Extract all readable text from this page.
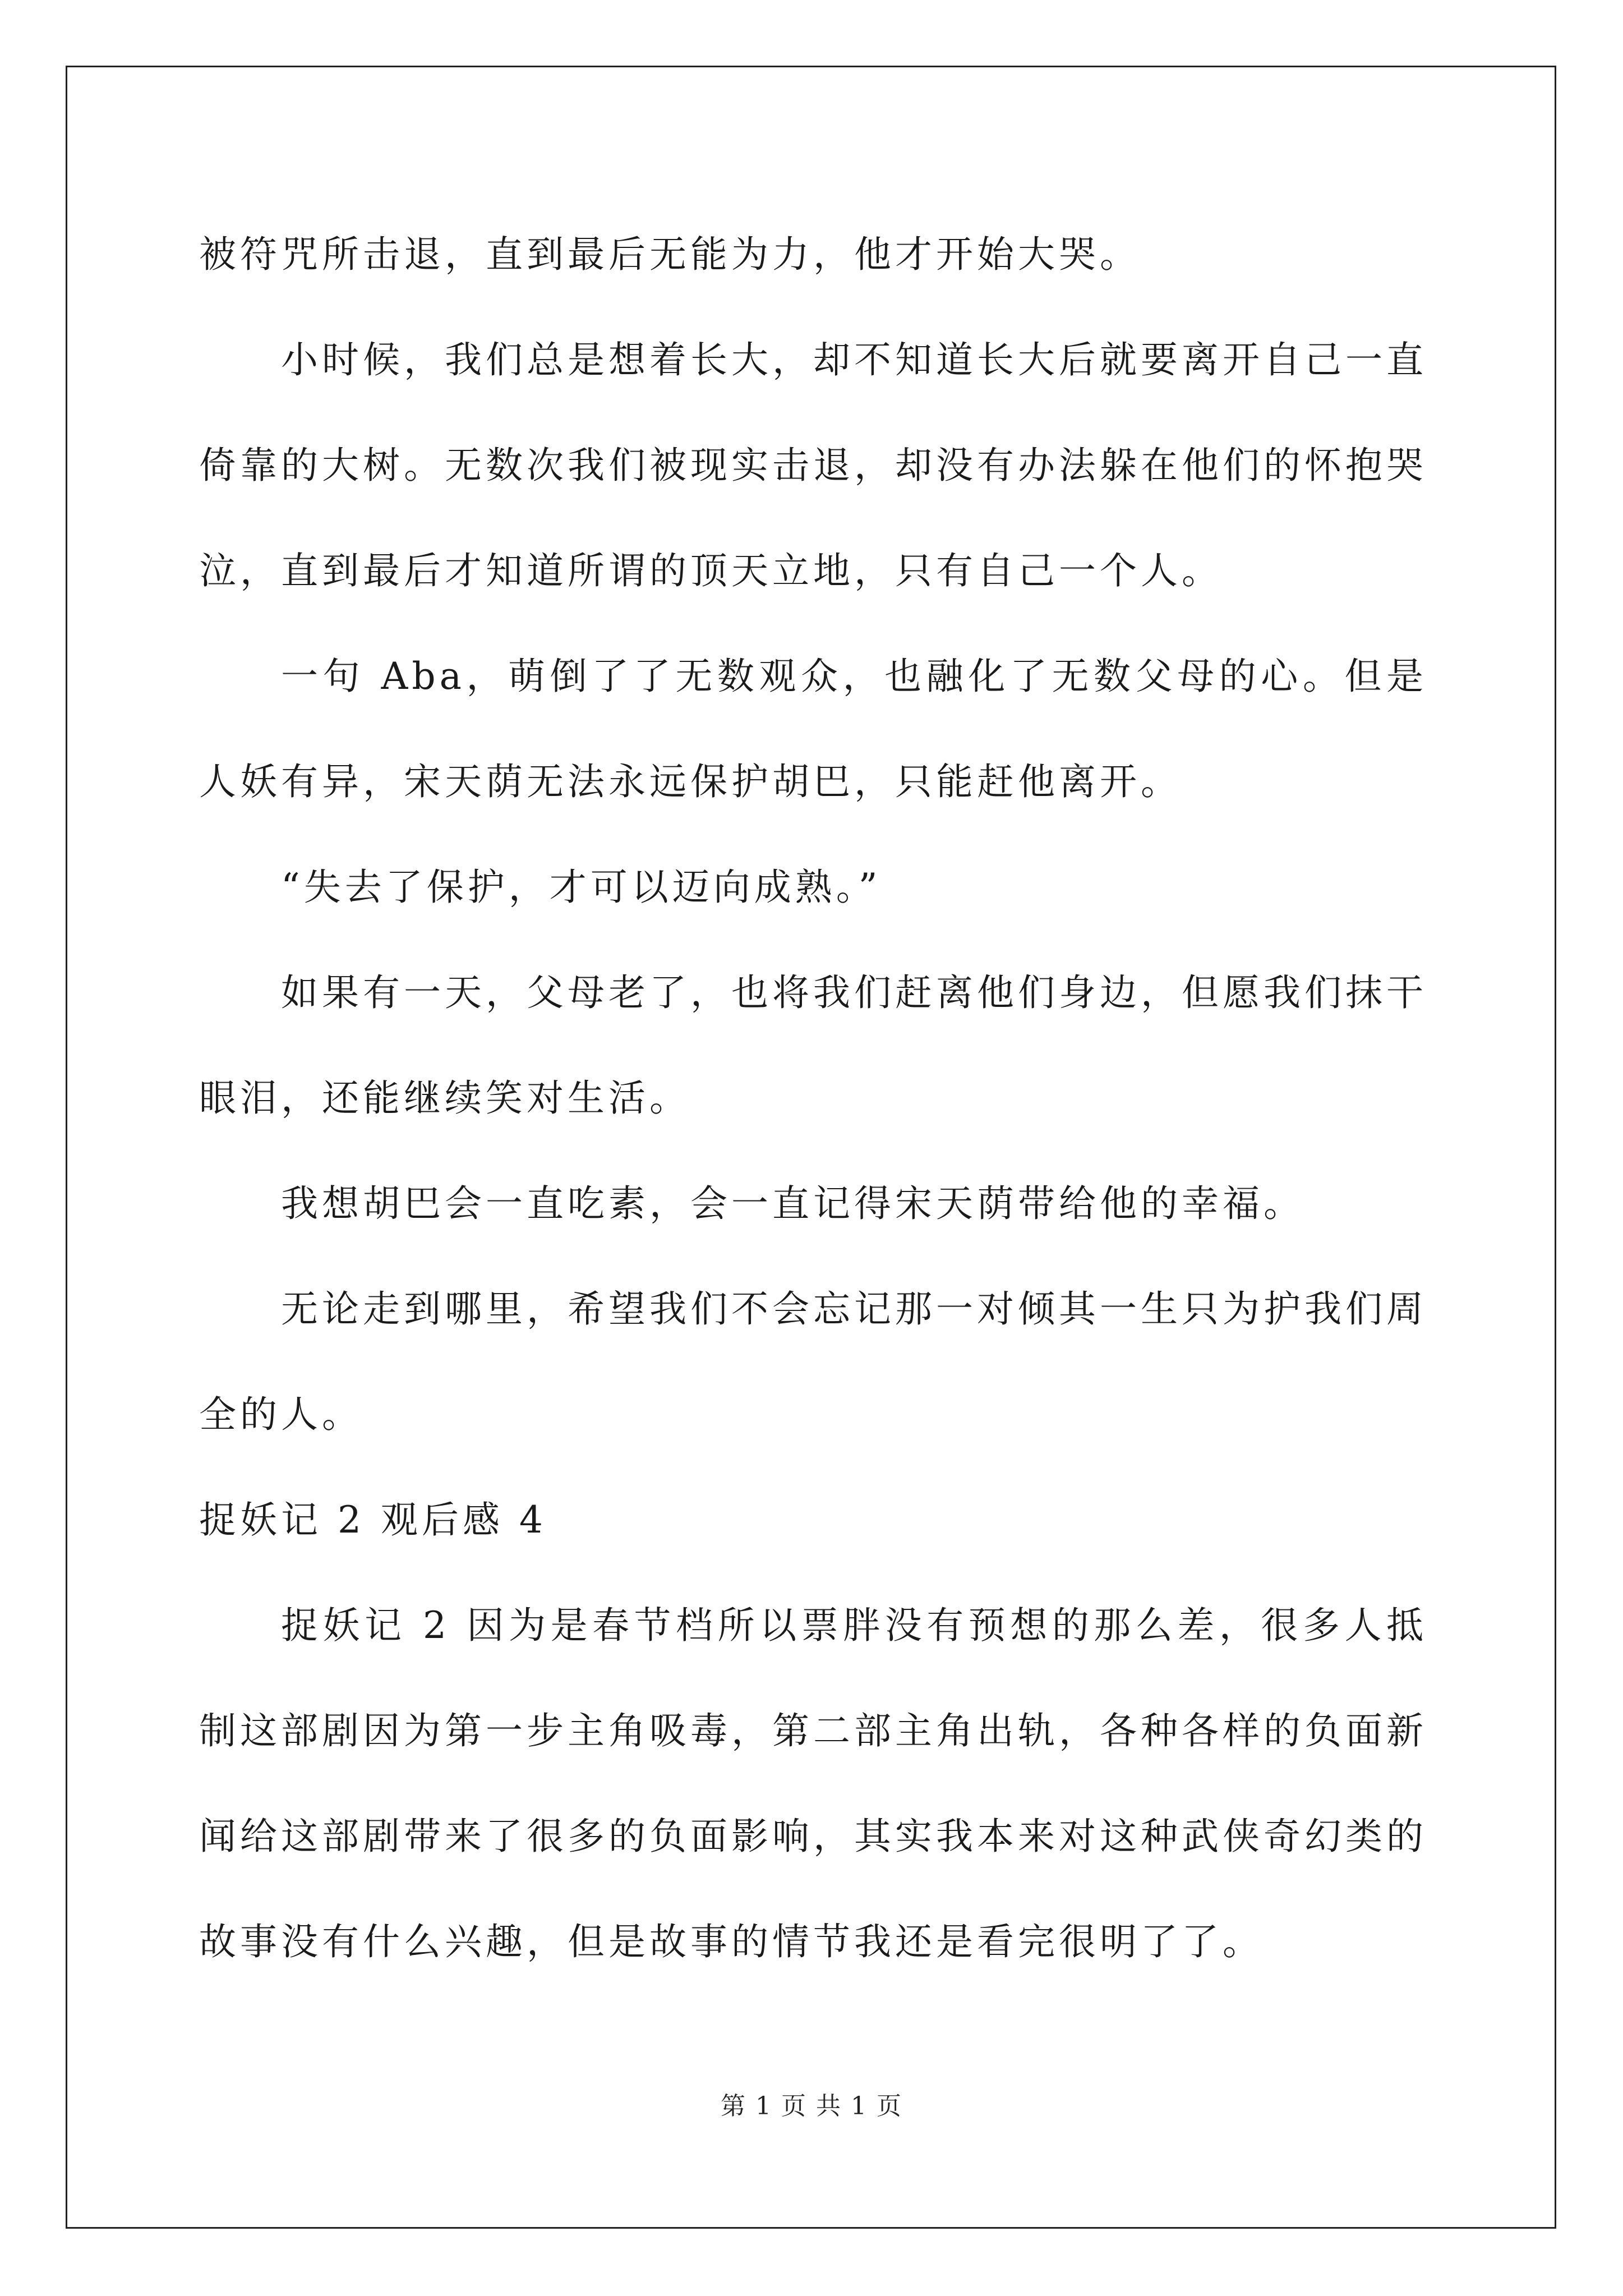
被符咒所击退，直到最后无能为力，他才开始大哭。

小时候，我们总是想着长大，却不知道长大后就要离开自己一直倚靠的大树。无数次我们被现实击退，却没有办法躲在他们的怀抱哭泣，直到最后才知道所谓的顶天立地，只有自己一个人。

一句 Aba，萌倒了了无数观众，也融化了无数父母的心。但是人妖有异，宋天荫无法永远保护胡巴，只能赶他离开。

“失去了保护，才可以迈向成熟。”

如果有一天，父母老了，也将我们赶离他们身边，但愿我们抹干眼泪，还能继续笑对生活。

我想胡巴会一直吃素，会一直记得宋天荫带给他的幸福。

无论走到哪里，希望我们不会忘记那一对倾其一生只为护我们周全的人。

捉妖记 2 观后感 4

捉妖记 2 因为是春节档所以票胖没有预想的那么差，很多人抵制这部剧因为第一步主角吸毒，第二部主角出轨，各种各样的负面新闻给这部剧带来了很多的负面影响，其实我本来对这种武侠奇幻类的故事没有什么兴趣，但是故事的情节我还是看完很明了了。

第 1 页 共 1 页
